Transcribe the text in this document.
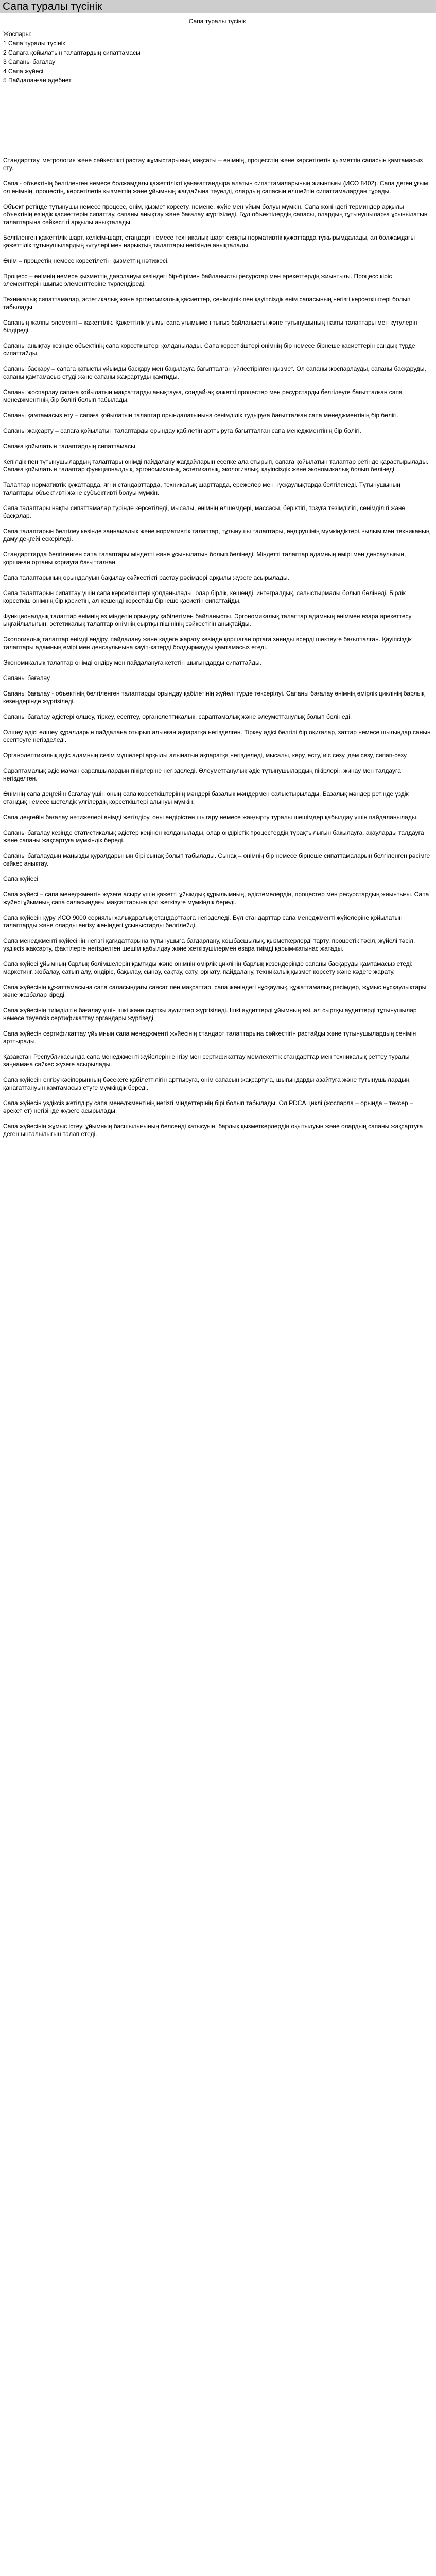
Сапа туралы түсінік
Сапа туралы түсінік
Жоспары:
1 Сапа туралы түсінік
2 Сапаға қойылатын талаптардың сипаттамасы
3 Сапаны бағалау
4 Сапа жүйесі
5 Пайдаланған әдебиет

Стандарттау, метрология және сәйкестікті растау жұмыстарының мақсаты – өнімнің, процесстің және көрсетілетін қызметтің сапасын қамтамасыз ету.

Сапа - объектінің белгіленген немесе болжамдағы қажеттілікті қанағаттандыра алатын сипаттамаларының жиынтығы (ИСО 8402). Сапа деген ұғым ол өнімнің, процестің, көрсетілетін қызметтің және ұйымның жағдайына тәуелді, олардың сапасын өлшейтін сипаттамалардан тұрады.

Объект ретінде тұтынушы немесе процесс, өнім, қызмет көрсету, немене, жүйе мен ұйым болуы мүмкін. Сапа жөніндегі терминдер арқылы объектінің өзіндік қасиеттерін сипаттау, сапаны анықтау және бағалау жүргізіледі. Бұл объектілердің сапасы, олардың тұтынушыларға ұсынылатын талаптарына сәйкестігі арқылы анықталады.

Белгіленген қажеттілік шарт, келісім-шарт, стандарт немесе техникалық шарт сияқты нормативтік құжаттарда тұжырымдалады, ал болжамдағы қажеттілік тұтынушылардың күтулері мен нарықтың талаптары негізінде анықталады.

Өнім – процестің немесе көрсетілетін қызметтің нәтижесі.

Процесс – өнімнің немесе қызметтің даярлануы кезіндегі бір-бірімен байланысты ресурстар мен әрекеттердің жиынтығы. Процесс кіріс элементтерін шығыс элементтеріне түрлендіреді.

Техникалық сипаттамалар, эстетикалық және эргономикалық қасиеттер, сенімділік пен қауіпсіздік өнім сапасының негізгі көрсеткіштері болып табылады.

Сапаның жалпы элементі – қажеттілік. Қажеттілік ұғымы сапа ұғымымен тығыз байланысты және тұтынушының нақты талаптары мен күтулерін білдіреді.

Сапаны анықтау кезінде объектінің сапа көрсеткіштері қолданылады. Сапа көрсеткіштері өнімнің бір немесе бірнеше қасиеттерін сандық түрде сипаттайды.

Сапаны басқару – сапаға қатысты ұйымды басқару мен бақылауға бағытталған үйлестірілген қызмет. Ол сапаны жоспарлауды, сапаны басқаруды, сапаны қамтамасыз етуді және сапаны жақсартуды қамтиды.

Сапаны жоспарлау сапаға қойылатын мақсаттарды анықтауға, сондай-ақ қажетті процестер мен ресурстарды белгілеуге бағытталған сапа менеджментінің бір бөлігі болып табылады.

Сапаны қамтамасыз ету – сапаға қойылатын талаптар орындалатынына сенімділік тудыруға бағытталған сапа менеджментінің бір бөлігі.

Сапаны жақсарту – сапаға қойылатын талаптарды орындау қабілетін арттыруға бағытталған сапа менеджментінің бір бөлігі.

Сапаға қойылатын талаптардың сипаттамасы

Кепілдік пен тұтынушылардың талаптары өнімді пайдалану жағдайларын есепке ала отырып, сапаға қойылатын талаптар ретінде қарастырылады. Сапаға қойылатын талаптар функционалдық, эргономикалық, эстетикалық, экологиялық, қауіпсіздік және экономикалық болып бөлінеді.

Талаптар нормативтік құжаттарда, яғни стандарттарда, техникалық шарттарда, ережелер мен нұсқаулықтарда белгіленеді. Тұтынушының талаптары объективті және субъективті болуы мүмкін.

Сапа талаптары нақты сипаттамалар түрінде көрсетіледі, мысалы, өнімнің өлшемдері, массасы, беріктігі, тозуға төзімділігі, сенімділігі және басқалар.

Сапа талаптарын белгілеу кезінде заңнамалық және нормативтік талаптар, тұтынушы талаптары, өндірушінің мүмкіндіктері, ғылым мен техниканың даму деңгейі ескеріледі.

Стандарттарда белгіленген сапа талаптары міндетті және ұсынылатын болып бөлінеді. Міндетті талаптар адамның өмірі мен денсаулығын, қоршаған ортаны қорғауға бағытталған.

Сапа талаптарының орындалуын бақылау сәйкестікті растау рәсімдері арқылы жүзеге асырылады.

Сапа талаптарын сипаттау үшін сапа көрсеткіштері қолданылады, олар бірлік, кешенді, интегралдық, салыстырмалы болып бөлінеді. Бірлік көрсеткіш өнімнің бір қасиетін, ал кешенді көрсеткіш бірнеше қасиетін сипаттайды.

Функционалдық талаптар өнімнің өз міндетін орындау қабілетімен байланысты. Эргономикалық талаптар адамның өніммен өзара әрекеттесу ыңғайлылығын, эстетикалық талаптар өнімнің сыртқы пішінінің сәйкестігін анықтайды.

Экологиялық талаптар өнімді өндіру, пайдалану және кәдеге жарату кезінде қоршаған ортаға зиянды әсерді шектеуге бағытталған. Қауіпсіздік талаптары адамның өмірі мен денсаулығына қауіп-қатерді болдырмауды қамтамасыз етеді.

Экономикалық талаптар өнімді өндіру мен пайдалануға кететін шығындарды сипаттайды.

Сапаны бағалау

Сапаны бағалау - объектінің белгіленген талаптарды орындау қабілетінің жүйелі түрде тексерілуі. Сапаны бағалау өнімнің өмірлік циклінің барлық кезеңдерінде жүргізіледі.

Сапаны бағалау әдістері өлшеу, тіркеу, есептеу, органолептикалық, сараптамалық және әлеуметтанулық болып бөлінеді.

Өлшеу әдісі өлшеу құралдарын пайдалана отырып алынған ақпаратқа негізделген. Тіркеу әдісі белгілі бір оқиғалар, заттар немесе шығындар санын есептеуге негізделеді.

Органолептикалық әдіс адамның сезім мүшелері арқылы алынатын ақпаратқа негізделеді, мысалы, көру, есту, иіс сезу, дәм сезу, сипап-сезу.

Сараптамалық әдіс маман сарапшылардың пікірлеріне негізделеді. Әлеуметтанулық әдіс тұтынушылардың пікірлерін жинау мен талдауға негізделген.

Өнімнің сапа деңгейін бағалау үшін оның сапа көрсеткіштерінің мәндері базалық мәндермен салыстырылады. Базалық мәндер ретінде үздік отандық немесе шетелдік үлгілердің көрсеткіштері алынуы мүмкін.

Сапа деңгейін бағалау нәтижелері өнімді жетілдіру, оны өндірістен шығару немесе жаңғырту туралы шешімдер қабылдау үшін пайдаланылады.

Сапаны бағалау кезінде статистикалық әдістер кеңінен қолданылады, олар өндірістік процестердің тұрақтылығын бақылауға, ақауларды талдауға және сапаны жақсартуға мүмкіндік береді.

Сапаны бағалаудың маңызды құралдарының бірі сынақ болып табылады. Сынақ – өнімнің бір немесе бірнеше сипаттамаларын белгіленген рәсімге сәйкес анықтау.

Сапа жүйесі

Сапа жүйесі – сапа менеджментін жүзеге асыру үшін қажетті ұйымдық құрылымның, әдістемелердің, процестер мен ресурстардың жиынтығы. Сапа жүйесі ұйымның сапа саласындағы мақсаттарына қол жеткізуге мүмкіндік береді.

Сапа жүйесін құру ИСО 9000 сериялы халықаралық стандарттарға негізделеді. Бұл стандарттар сапа менеджменті жүйелеріне қойылатын талаптарды және оларды енгізу жөніндегі ұсыныстарды белгілейді.

Сапа менеджменті жүйесінің негізгі қағидаттарына тұтынушыға бағдарлану, көшбасшылық, қызметкерлерді тарту, процестік тәсіл, жүйелі тәсіл, үздіксіз жақсарту, фактілерге негізделген шешім қабылдау және жеткізушілермен өзара тиімді қарым-қатынас жатады.

Сапа жүйесі ұйымның барлық бөлімшелерін қамтиды және өнімнің өмірлік циклінің барлық кезеңдерінде сапаны басқаруды қамтамасыз етеді: маркетинг, жобалау, сатып алу, өндіріс, бақылау, сынау, сақтау, сату, орнату, пайдалану, техникалық қызмет көрсету және кәдеге жарату.

Сапа жүйесінің құжаттамасына сапа саласындағы саясат пен мақсаттар, сапа жөніндегі нұсқаулық, құжаттамалық рәсімдер, жұмыс нұсқаулықтары және жазбалар кіреді.

Сапа жүйесінің тиімділігін бағалау үшін ішкі және сыртқы аудиттер жүргізіледі. Ішкі аудиттерді ұйымның өзі, ал сыртқы аудиттерді тұтынушылар немесе тәуелсіз сертификаттау органдары жүргізеді.

Сапа жүйесін сертификаттау ұйымның сапа менеджменті жүйесінің стандарт талаптарына сәйкестігін растайды және тұтынушылардың сенімін арттырады.

Қазақстан Республикасында сапа менеджменті жүйелерін енгізу мен сертификаттау мемлекеттік стандарттар мен техникалық реттеу туралы заңнамаға сәйкес жүзеге асырылады.

Сапа жүйесін енгізу кәсіпорынның бәсекеге қабілеттілігін арттыруға, өнім сапасын жақсартуға, шығындарды азайтуға және тұтынушылардың қанағаттануын қамтамасыз етуге мүмкіндік береді.

Сапа жүйесін үздіксіз жетілдіру сапа менеджментінің негізгі міндеттерінің бірі болып табылады. Ол PDCA циклі (жоспарла – орында – тексер – әрекет ет) негізінде жүзеге асырылады.

Сапа жүйесінің жұмыс істеуі ұйымның басшылығының белсенді қатысуын, барлық қызметкерлердің оқытылуын және олардың сапаны жақсартуға деген ынталылығын талап етеді.
